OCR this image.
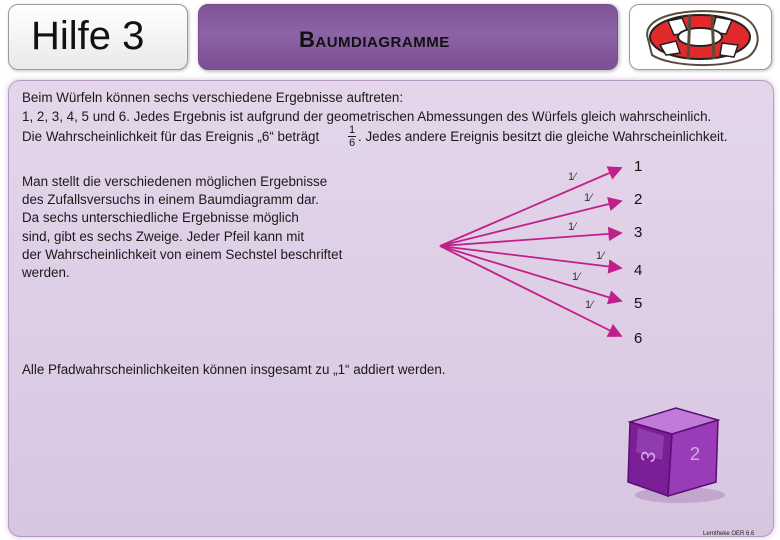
Hilfe 3	Baumdiagramme
Beim Würfeln können sechs verschiedene Ergebnisse auftreten:
1, 2, 3, 4, 5 und 6. Jedes Ergebnis ist aufgrund der geometrischen Abmessungen des Würfels gleich wahrscheinlich.
Die Wahrscheinlichkeit für das Ereignis „6“ beträgt	1
6 . Jedes andere Ereignis besitzt die gleiche Wahrscheinlichkeit.
Man stellt die verschiedenen möglichen Ergebnisse
des Zufallsversuchs in einem Baumdiagramm dar.
Da sechs unterschiedliche Ergebnisse möglich
sind, gibt es sechs Zweige. Jeder Pfeil kann mit
der Wahrscheinlichkeit von einem Sechstel beschriftet
werden.
1⁄
1⁄
1⁄
1⁄
1⁄
1⁄
1
2
3
4
5
6
Alle Pfadwahrscheinlichkeiten können insgesamt zu „1“ addiert werden.
3 2
Lerntheke OER 6.6
